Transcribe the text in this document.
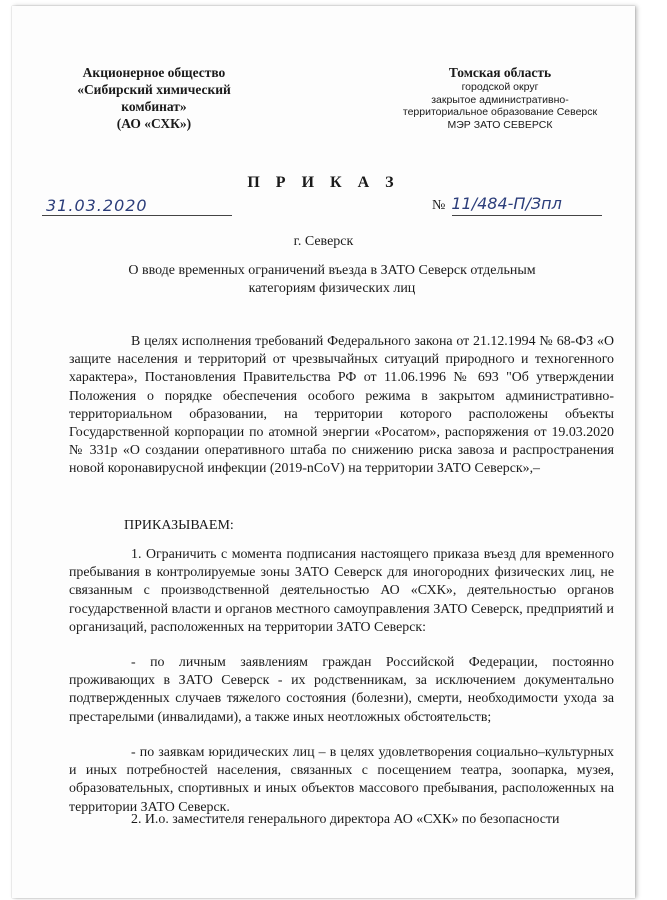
Акционерное общество
«Сибирский химический
комбинат»
(АО «СХК»)
Томская область
городской округ
закрытое административно-
территориальное образование Северск
МЭР ЗАТО СЕВЕРСК
П Р И К А З
31.03.2020	№ 11/484-П/Зпл
г. Северск
О вводе временных ограничений въезда в ЗАТО Северск отдельным
категориям физических лиц
В целях исполнения требований Федерального закона от 21.12.1994 № 68-ФЗ «О защите населения и территорий от чрезвычайных ситуаций природного и техногенного характера», Постановления Правительства РФ от 11.06.1996 № 693 "Об утверждении Положения о порядке обеспечения особого режима в закрытом административно-территориальном образовании, на территории которого расположены объекты Государственной корпорации по атомной энергии «Росатом», распоряжения от 19.03.2020 № 331р «О создании оперативного штаба по снижению риска завоза и распространения новой коронавирусной инфекции (2019-nCoV) на территории ЗАТО Северск»,–
ПРИКАЗЫВАЕМ:
1. Ограничить с момента подписания настоящего приказа въезд для временного пребывания в контролируемые зоны ЗАТО Северск для иногородних физических лиц, не связанным с производственной деятельностью АО «СХК», деятельностью органов государственной власти и органов местного самоуправления ЗАТО Северск, предприятий и организаций, расположенных на территории ЗАТО Северск:
- по личным заявлениям граждан Российской Федерации, постоянно проживающих в ЗАТО Северск - их родственникам, за исключением документально подтвержденных случаев тяжелого состояния (болезни), смерти, необходимости ухода за престарелыми (инвалидами), а также иных неотложных обстоятельств;
- по заявкам юридических лиц – в целях удовлетворения социально–культурных и иных потребностей населения, связанных с посещением театра, зоопарка, музея, образовательных, спортивных и иных объектов массового пребывания, расположенных на территории ЗАТО Северск.
2. И.о. заместителя генерального директора АО «СХК» по безопасности
